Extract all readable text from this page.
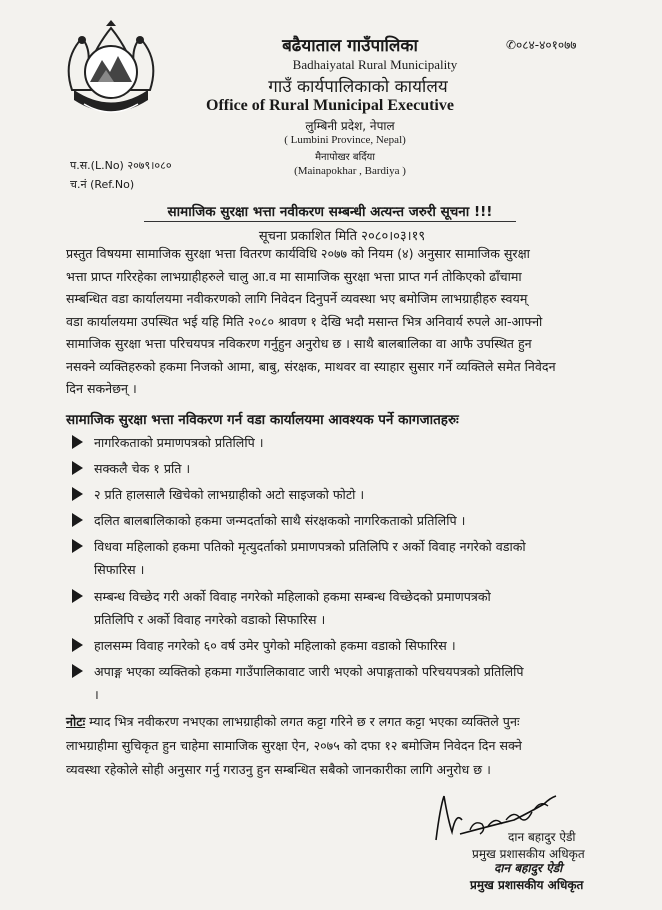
✆०८४-४०१०७७
बढैयाताल गाउँपालिका
Badhaiyatal Rural Municipality
गाउँ कार्यपालिकाको कार्यालय
Office of Rural Municipal Executive
लुम्बिनी प्रदेश, नेपाल
( Lumbini Province, Nepal)
मैनापोखर बर्दिया
(Mainapokhar , Bardiya )
प.स.(L.No) २०७९।०८०
च.नं (Ref.No)
सामाजिक सुरक्षा भत्ता नवीकरण सम्बन्धी अत्यन्त जरुरी सूचना !!!
सूचना प्रकाशित मिति २०८०।०३।१९
प्रस्तुत विषयमा सामाजिक सुरक्षा भत्ता वितरण कार्यविधि २०७७ को नियम (४) अनुसार सामाजिक सुरक्षा
भत्ता प्राप्त गरिरहेका लाभग्राहीहरुले चालु आ.व मा सामाजिक सुरक्षा भत्ता प्राप्त गर्न तोकिएको ढाँचामा
सम्बन्धित वडा कार्यालयमा नवीकरणको लागि निवेदन दिनुपर्ने व्यवस्था भए बमोजिम लाभग्राहीहरु स्वयम्
वडा कार्यालयमा उपस्थित भई यहि मिति २०८० श्रावण १ देखि भदौ मसान्त भित्र अनिवार्य रुपले आ-आफ्नो
सामाजिक सुरक्षा भत्ता परिचयपत्र नविकरण गर्नुहुन अनुरोध छ । साथै बालबालिका वा आफै उपस्थित हुन
नसक्ने व्यक्तिहरुको हकमा निजको आमा, बाबु, संरक्षक, माथवर वा स्याहार सुसार गर्ने व्यक्तिले समेत निवेदन
दिन सकनेछन् ।
सामाजिक सुरक्षा भत्ता नविकरण गर्न वडा कार्यालयमा आवश्यक पर्ने कागजातहरुः
नागरिकताको प्रमाणपत्रको प्रतिलिपि ।
सक्कलै चेक १ प्रति ।
२ प्रति हालसालै खिचेको लाभग्राहीको अटो साइजको फोटो ।
दलित बालबालिकाको हकमा जन्मदर्ताको साथै संरक्षकको नागरिकताको प्रतिलिपि ।
विधवा महिलाको हकमा पतिको मृत्युदर्ताको प्रमाणपत्रको प्रतिलिपि र अर्को विवाह नगरेको वडाको
सिफारिस ।
सम्बन्ध विच्छेद गरी अर्को विवाह नगरेको महिलाको हकमा सम्बन्ध विच्छेदको प्रमाणपत्रको
प्रतिलिपि र अर्को विवाह नगरेको वडाको सिफारिस ।
हालसम्म विवाह नगरेको ६० वर्ष उमेर पुगेको महिलाको हकमा वडाको सिफारिस ।
अपाङ्ग भएका व्यक्तिको हकमा गाउँपालिकावाट जारी भएको अपाङ्गताको परिचयपत्रको प्रतिलिपि
।
नोटः म्याद भित्र नवीकरण नभएका लाभग्राहीको लगत कट्टा गरिने छ र लगत कट्टा भएका व्यक्तिले पुनः
लाभग्राहीमा सुचिकृत हुन चाहेमा सामाजिक सुरक्षा ऐन, २०७५ को दफा १२ बमोजिम निवेदन दिन सक्ने
व्यवस्था रहेकोले सोही अनुसार गर्नु गराउनु हुन सम्बन्धित सबैको जानकारीका लागि अनुरोध छ ।
दान बहादुर ऐडी
प्रमुख प्रशासकीय अधिकृत
दान बहादुर ऐडी
प्रमुख प्रशासकीय अधिकृत
